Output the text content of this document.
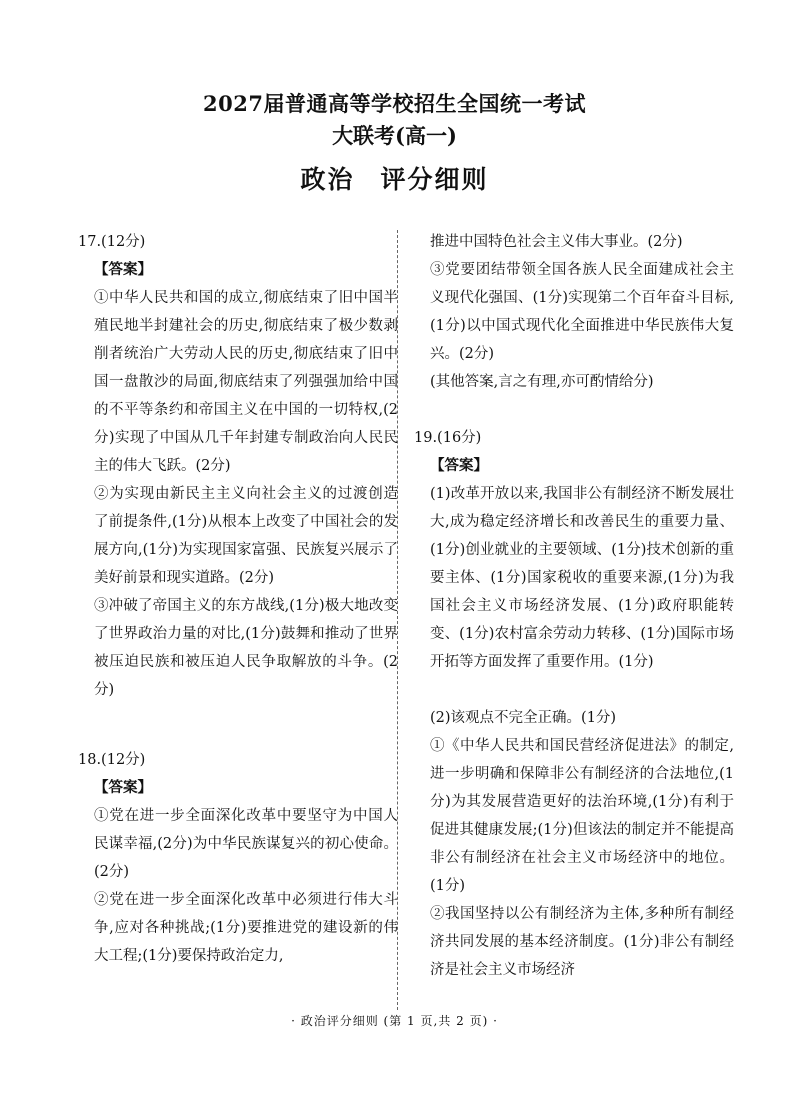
2027届普通高等学校招生全国统一考试
大联考(高一)
政治 评分细则

17.(12分)

【答案】

①中华人民共和国的成立,彻底结束了旧中国半殖民地半封建社会的历史,彻底结束了极少数剥削者统治广大劳动人民的历史,彻底结束了旧中国一盘散沙的局面,彻底结束了列强强加给中国的不平等条约和帝国主义在中国的一切特权,(2分)实现了中国从几千年封建专制政治向人民民主的伟大飞跃。(2分)

②为实现由新民主主义向社会主义的过渡创造了前提条件,(1分)从根本上改变了中国社会的发展方向,(1分)为实现国家富强、民族复兴展示了美好前景和现实道路。(2分)

③冲破了帝国主义的东方战线,(1分)极大地改变了世界政治力量的对比,(1分)鼓舞和推动了世界被压迫民族和被压迫人民争取解放的斗争。(2分)

18.(12分)

【答案】

①党在进一步全面深化改革中要坚守为中国人民谋幸福,(2分)为中华民族谋复兴的初心使命。(2分)

②党在进一步全面深化改革中必须进行伟大斗争,应对各种挑战;(1分)要推进党的建设新的伟大工程;(1分)要保持政治定力,

推进中国特色社会主义伟大事业。(2分)

③党要团结带领全国各族人民全面建成社会主义现代化强国、(1分)实现第二个百年奋斗目标,(1分)以中国式现代化全面推进中华民族伟大复兴。(2分)

(其他答案,言之有理,亦可酌情给分)

19.(16分)

【答案】

(1)改革开放以来,我国非公有制经济不断发展壮大,成为稳定经济增长和改善民生的重要力量、(1分)创业就业的主要领域、(1分)技术创新的重要主体、(1分)国家税收的重要来源,(1分)为我国社会主义市场经济发展、(1分)政府职能转变、(1分)农村富余劳动力转移、(1分)国际市场开拓等方面发挥了重要作用。(1分)

(2)该观点不完全正确。(1分)

①《中华人民共和国民营经济促进法》的制定,进一步明确和保障非公有制经济的合法地位,(1分)为其发展营造更好的法治环境,(1分)有利于促进其健康发展;(1分)但该法的制定并不能提高非公有制经济在社会主义市场经济中的地位。(1分)

②我国坚持以公有制经济为主体,多种所有制经济共同发展的基本经济制度。(1分)非公有制经济是社会主义市场经济

· 政治评分细则 (第 1 页,共 2 页) ·
